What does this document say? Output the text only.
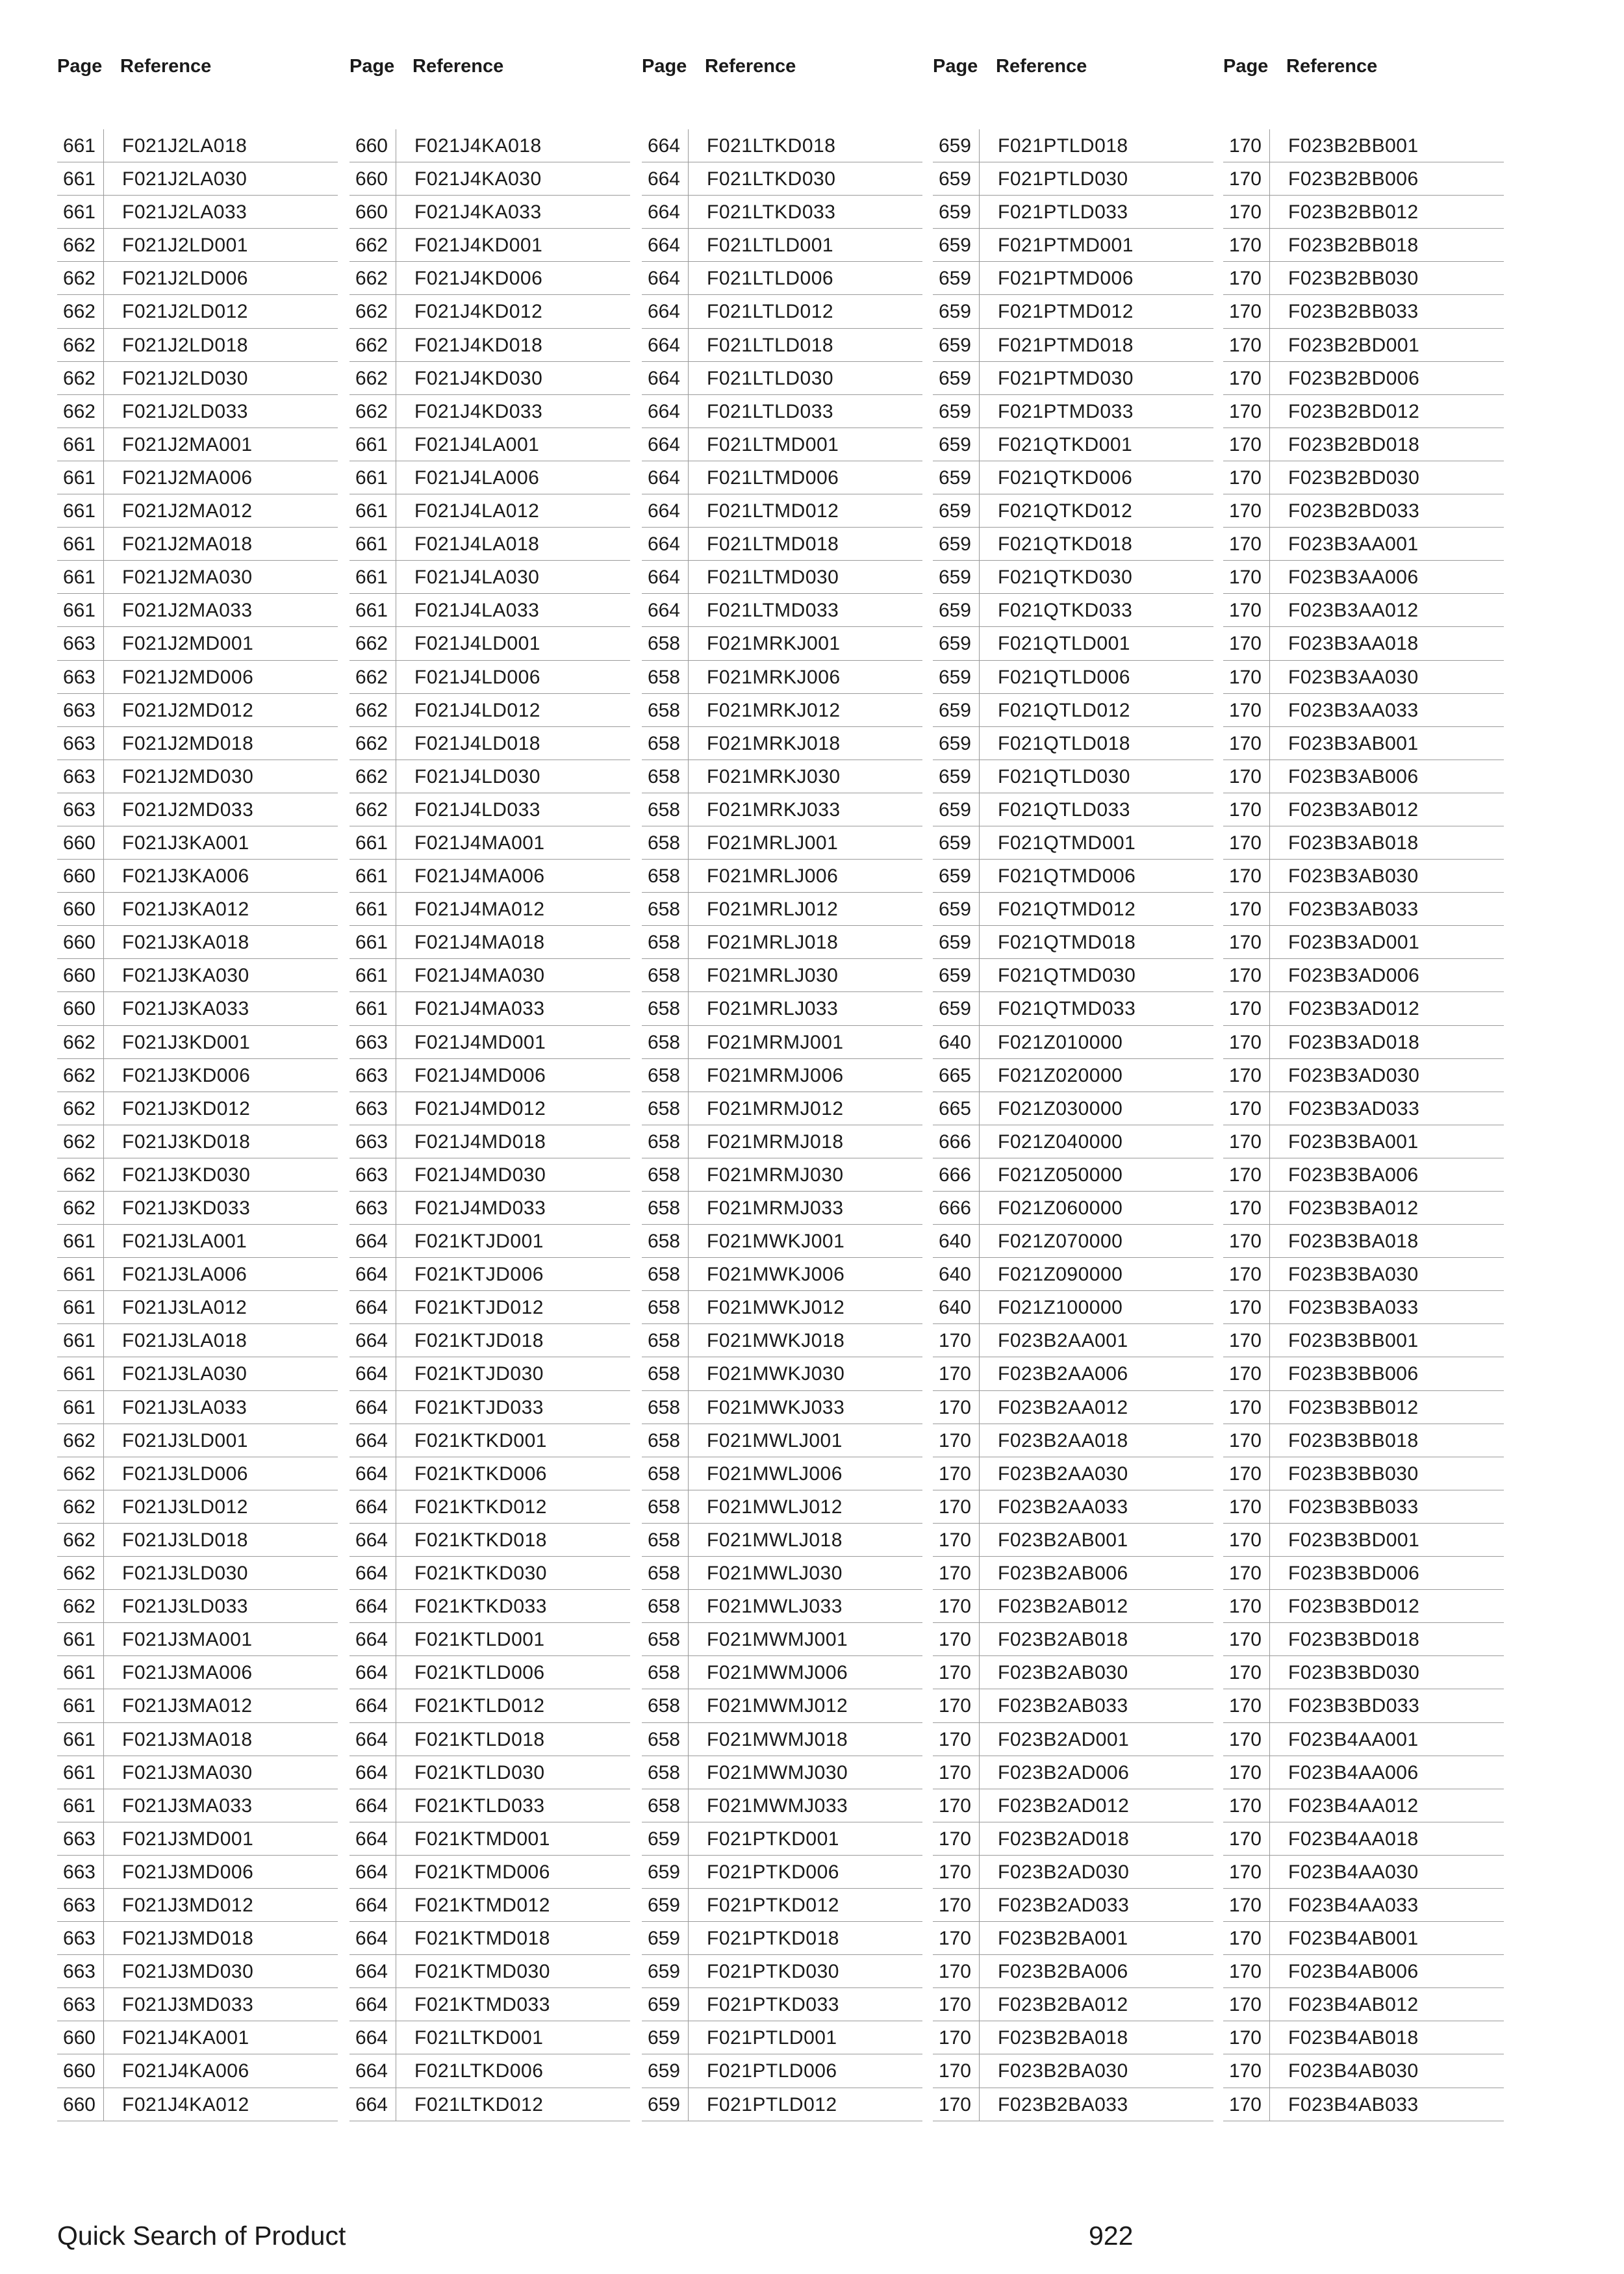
Page Reference
661	F021J2LA018
661	F021J2LA030
661	F021J2LA033
662	F021J2LD001
662	F021J2LD006
662	F021J2LD012
662	F021J2LD018
662	F021J2LD030
662	F021J2LD033
661	F021J2MA001
661	F021J2MA006
661	F021J2MA012
661	F021J2MA018
661	F021J2MA030
661	F021J2MA033
663	F021J2MD001
663	F021J2MD006
663	F021J2MD012
663	F021J2MD018
663	F021J2MD030
663	F021J2MD033
660	F021J3KA001
660	F021J3KA006
660	F021J3KA012
660	F021J3KA018
660	F021J3KA030
660	F021J3KA033
662	F021J3KD001
662	F021J3KD006
662	F021J3KD012
662	F021J3KD018
662	F021J3KD030
662	F021J3KD033
661	F021J3LA001
661	F021J3LA006
661	F021J3LA012
661	F021J3LA018
661	F021J3LA030
661	F021J3LA033
662	F021J3LD001
662	F021J3LD006
662	F021J3LD012
662	F021J3LD018
662	F021J3LD030
662	F021J3LD033
661	F021J3MA001
661	F021J3MA006
661	F021J3MA012
661	F021J3MA018
661	F021J3MA030
661	F021J3MA033
663	F021J3MD001
663	F021J3MD006
663	F021J3MD012
663	F021J3MD018
663	F021J3MD030
663	F021J3MD033
660	F021J4KA001
660	F021J4KA006
660	F021J4KA012
Page Reference
660	F021J4KA018
660	F021J4KA030
660	F021J4KA033
662	F021J4KD001
662	F021J4KD006
662	F021J4KD012
662	F021J4KD018
662	F021J4KD030
662	F021J4KD033
661	F021J4LA001
661	F021J4LA006
661	F021J4LA012
661	F021J4LA018
661	F021J4LA030
661	F021J4LA033
662	F021J4LD001
662	F021J4LD006
662	F021J4LD012
662	F021J4LD018
662	F021J4LD030
662	F021J4LD033
661	F021J4MA001
661	F021J4MA006
661	F021J4MA012
661	F021J4MA018
661	F021J4MA030
661	F021J4MA033
663	F021J4MD001
663	F021J4MD006
663	F021J4MD012
663	F021J4MD018
663	F021J4MD030
663	F021J4MD033
664	F021KTJD001
664	F021KTJD006
664	F021KTJD012
664	F021KTJD018
664	F021KTJD030
664	F021KTJD033
664	F021KTKD001
664	F021KTKD006
664	F021KTKD012
664	F021KTKD018
664	F021KTKD030
664	F021KTKD033
664	F021KTLD001
664	F021KTLD006
664	F021KTLD012
664	F021KTLD018
664	F021KTLD030
664	F021KTLD033
664	F021KTMD001
664	F021KTMD006
664	F021KTMD012
664	F021KTMD018
664	F021KTMD030
664	F021KTMD033
664	F021LTKD001
664	F021LTKD006
664	F021LTKD012
Page Reference
664	F021LTKD018
664	F021LTKD030
664	F021LTKD033
664	F021LTLD001
664	F021LTLD006
664	F021LTLD012
664	F021LTLD018
664	F021LTLD030
664	F021LTLD033
664	F021LTMD001
664	F021LTMD006
664	F021LTMD012
664	F021LTMD018
664	F021LTMD030
664	F021LTMD033
658	F021MRKJ001
658	F021MRKJ006
658	F021MRKJ012
658	F021MRKJ018
658	F021MRKJ030
658	F021MRKJ033
658	F021MRLJ001
658	F021MRLJ006
658	F021MRLJ012
658	F021MRLJ018
658	F021MRLJ030
658	F021MRLJ033
658	F021MRMJ001
658	F021MRMJ006
658	F021MRMJ012
658	F021MRMJ018
658	F021MRMJ030
658	F021MRMJ033
658	F021MWKJ001
658	F021MWKJ006
658	F021MWKJ012
658	F021MWKJ018
658	F021MWKJ030
658	F021MWKJ033
658	F021MWLJ001
658	F021MWLJ006
658	F021MWLJ012
658	F021MWLJ018
658	F021MWLJ030
658	F021MWLJ033
658	F021MWMJ001
658	F021MWMJ006
658	F021MWMJ012
658	F021MWMJ018
658	F021MWMJ030
658	F021MWMJ033
659	F021PTKD001
659	F021PTKD006
659	F021PTKD012
659	F021PTKD018
659	F021PTKD030
659	F021PTKD033
659	F021PTLD001
659	F021PTLD006
659	F021PTLD012
Page Reference
659	F021PTLD018
659	F021PTLD030
659	F021PTLD033
659	F021PTMD001
659	F021PTMD006
659	F021PTMD012
659	F021PTMD018
659	F021PTMD030
659	F021PTMD033
659	F021QTKD001
659	F021QTKD006
659	F021QTKD012
659	F021QTKD018
659	F021QTKD030
659	F021QTKD033
659	F021QTLD001
659	F021QTLD006
659	F021QTLD012
659	F021QTLD018
659	F021QTLD030
659	F021QTLD033
659	F021QTMD001
659	F021QTMD006
659	F021QTMD012
659	F021QTMD018
659	F021QTMD030
659	F021QTMD033
640	F021Z010000
665	F021Z020000
665	F021Z030000
666	F021Z040000
666	F021Z050000
666	F021Z060000
640	F021Z070000
640	F021Z090000
640	F021Z100000
170	F023B2AA001
170	F023B2AA006
170	F023B2AA012
170	F023B2AA018
170	F023B2AA030
170	F023B2AA033
170	F023B2AB001
170	F023B2AB006
170	F023B2AB012
170	F023B2AB018
170	F023B2AB030
170	F023B2AB033
170	F023B2AD001
170	F023B2AD006
170	F023B2AD012
170	F023B2AD018
170	F023B2AD030
170	F023B2AD033
170	F023B2BA001
170	F023B2BA006
170	F023B2BA012
170	F023B2BA018
170	F023B2BA030
170	F023B2BA033
Page Reference
170	F023B2BB001
170	F023B2BB006
170	F023B2BB012
170	F023B2BB018
170	F023B2BB030
170	F023B2BB033
170	F023B2BD001
170	F023B2BD006
170	F023B2BD012
170	F023B2BD018
170	F023B2BD030
170	F023B2BD033
170	F023B3AA001
170	F023B3AA006
170	F023B3AA012
170	F023B3AA018
170	F023B3AA030
170	F023B3AA033
170	F023B3AB001
170	F023B3AB006
170	F023B3AB012
170	F023B3AB018
170	F023B3AB030
170	F023B3AB033
170	F023B3AD001
170	F023B3AD006
170	F023B3AD012
170	F023B3AD018
170	F023B3AD030
170	F023B3AD033
170	F023B3BA001
170	F023B3BA006
170	F023B3BA012
170	F023B3BA018
170	F023B3BA030
170	F023B3BA033
170	F023B3BB001
170	F023B3BB006
170	F023B3BB012
170	F023B3BB018
170	F023B3BB030
170	F023B3BB033
170	F023B3BD001
170	F023B3BD006
170	F023B3BD012
170	F023B3BD018
170	F023B3BD030
170	F023B3BD033
170	F023B4AA001
170	F023B4AA006
170	F023B4AA012
170	F023B4AA018
170	F023B4AA030
170	F023B4AA033
170	F023B4AB001
170	F023B4AB006
170	F023B4AB012
170	F023B4AB018
170	F023B4AB030
170	F023B4AB033
Quick Search of Product	922
